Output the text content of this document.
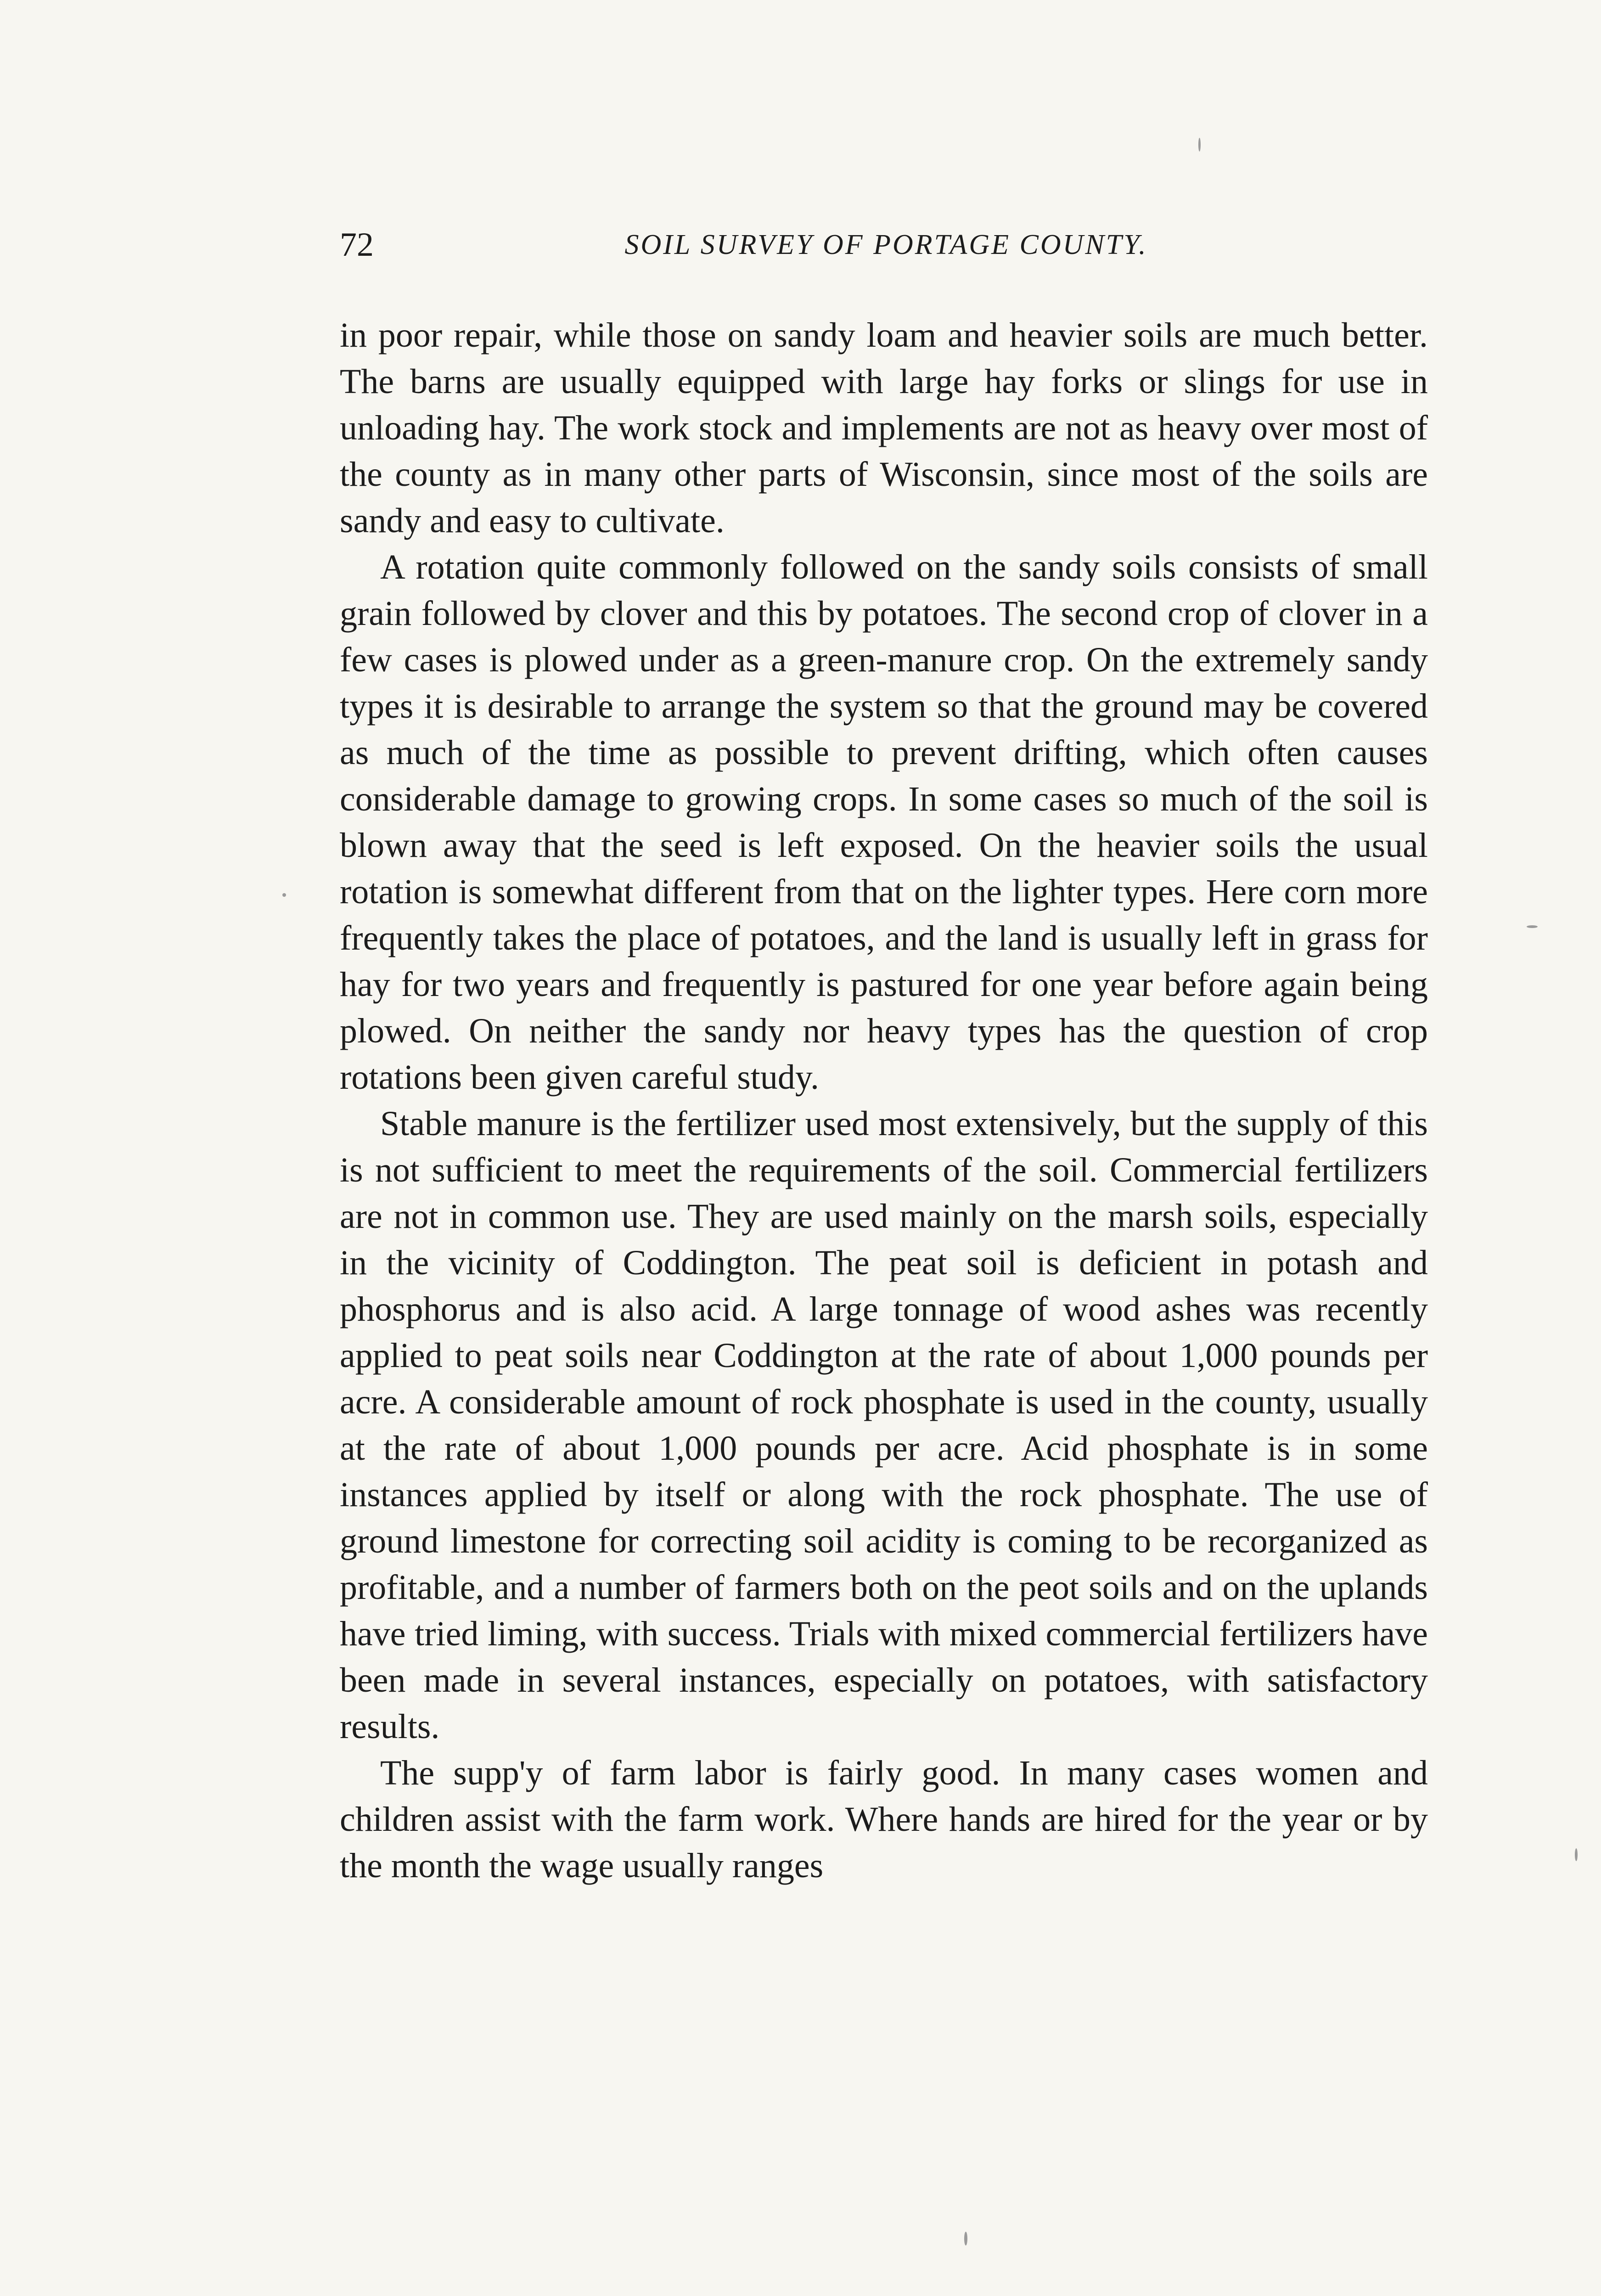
72	SOIL SURVEY OF PORTAGE COUNTY.

in poor repair, while those on sandy loam and heavier soils are much better. The barns are usually equipped with large hay forks or slings for use in unloading hay. The work stock and implements are not as heavy over most of the county as in many other parts of Wisconsin, since most of the soils are sandy and easy to cultivate.

A rotation quite commonly followed on the sandy soils consists of small grain followed by clover and this by potatoes. The second crop of clover in a few cases is plowed under as a green-manure crop. On the extremely sandy types it is desirable to arrange the system so that the ground may be covered as much of the time as possible to prevent drifting, which often causes considerable damage to growing crops. In some cases so much of the soil is blown away that the seed is left exposed. On the heavier soils the usual rotation is somewhat different from that on the lighter types. Here corn more frequently takes the place of potatoes, and the land is usually left in grass for hay for two years and frequently is pastured for one year before again being plowed. On neither the sandy nor heavy types has the question of crop rotations been given careful study.

Stable manure is the fertilizer used most extensively, but the supply of this is not sufficient to meet the requirements of the soil. Commercial fertilizers are not in common use. They are used mainly on the marsh soils, especially in the vicinity of Coddington. The peat soil is deficient in potash and phosphorus and is also acid. A large tonnage of wood ashes was recently applied to peat soils near Coddington at the rate of about 1,000 pounds per acre. A considerable amount of rock phosphate is used in the county, usually at the rate of about 1,000 pounds per acre. Acid phosphate is in some instances applied by itself or along with the rock phosphate. The use of ground limestone for correcting soil acidity is coming to be recorganized as profitable, and a number of farmers both on the peot soils and on the uplands have tried liming, with success. Trials with mixed commercial fertilizers have been made in several instances, especially on potatoes, with satisfactory results.

The supp'y of farm labor is fairly good. In many cases women and children assist with the farm work. Where hands are hired for the year or by the month the wage usually ranges
